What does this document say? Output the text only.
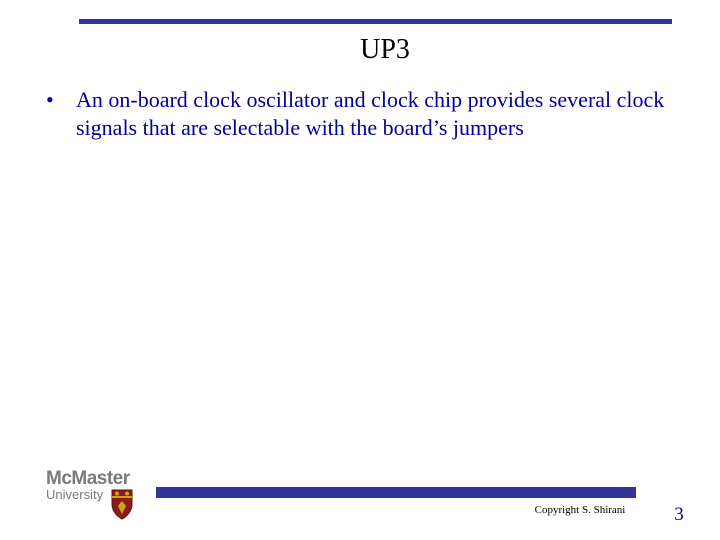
UP3
• An on-board clock oscillator and clock chip provides several clock signals that are selectable with the board’s jumpers
McMaster
University
Copyright S. Shirani	3
